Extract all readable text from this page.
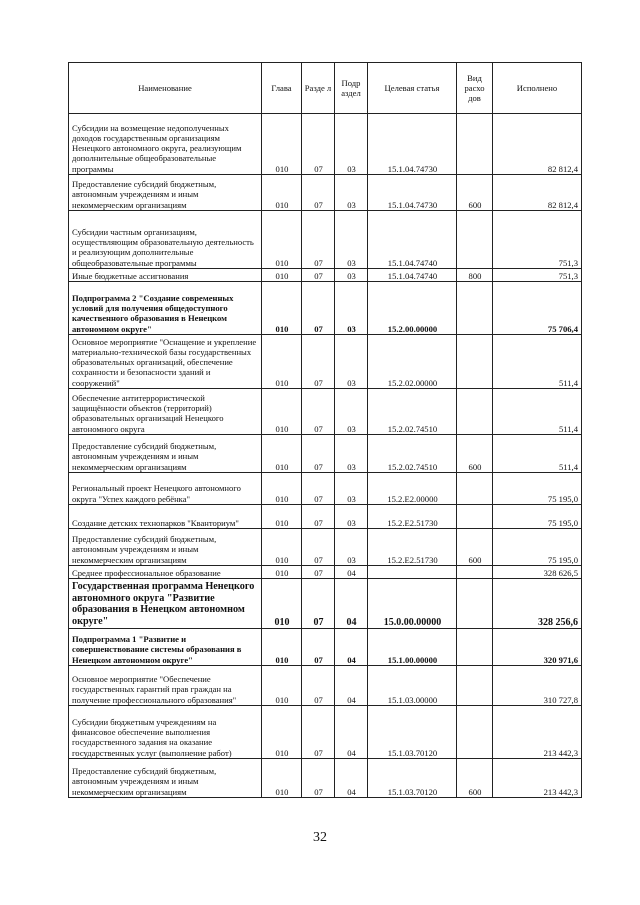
Наименование	Глава	Разде л	Подр аздел	Целевая статья	Вид расхо дов	Исполнено
Субсидии на возмещение недополученных доходов государственным организациям Ненецкого автономного округа, реализующим дополнительные общеобразовательные программы	010	07	03	15.1.04.74730		82 812,4
Предоставление субсидий бюджетным, автономным учреждениям и иным некоммерческим организациям	010	07	03	15.1.04.74730	600	82 812,4
Субсидии частным организациям, осуществляющим образовательную деятельность и реализующим дополнительные общеобразовательные программы	010	07	03	15.1.04.74740		751,3
Иные бюджетные ассигнования	010	07	03	15.1.04.74740	800	751,3
Подпрограмма 2 "Создание современных условий для получения общедоступного качественного образования в Ненецком автономном округе"	010	07	03	15.2.00.00000		75 706,4
Основное мероприятие "Оснащение и укрепление материально-технической базы государственных образовательных организаций, обеспечение сохранности и безопасности зданий и сооружений"	010	07	03	15.2.02.00000		511,4
Обеспечение антитеррористической защищённости объектов (территорий) образовательных организаций Ненецкого автономного округа	010	07	03	15.2.02.74510		511,4
Предоставление субсидий бюджетным, автономным учреждениям и иным некоммерческим организациям	010	07	03	15.2.02.74510	600	511,4
Региональный проект Ненецкого автономного округа "Успех каждого ребёнка"	010	07	03	15.2.E2.00000		75 195,0
Создание детских технопарков "Кванториум"	010	07	03	15.2.E2.51730		75 195,0
Предоставление субсидий бюджетным, автономным учреждениям и иным некоммерческим организациям	010	07	03	15.2.E2.51730	600	75 195,0
Среднее профессиональное образование	010	07	04			328 626,5
Государственная программа Ненецкого автономного округа "Развитие образования в Ненецком автономном округе"	010	07	04	15.0.00.00000		328 256,6
Подпрограмма 1 "Развитие и совершенствование системы образования в Ненецком автономном округе"	010	07	04	15.1.00.00000		320 971,6
Основное мероприятие "Обеспечение государственных гарантий прав граждан на получение профессионального образования"	010	07	04	15.1.03.00000		310 727,8
Субсидии бюджетным учреждениям на финансовое обеспечение выполнения государственного задания на оказание государственных услуг (выполнение работ)	010	07	04	15.1.03.70120		213 442,3
Предоставление субсидий бюджетным, автономным учреждениям и иным некоммерческим организациям	010	07	04	15.1.03.70120	600	213 442,3
32
